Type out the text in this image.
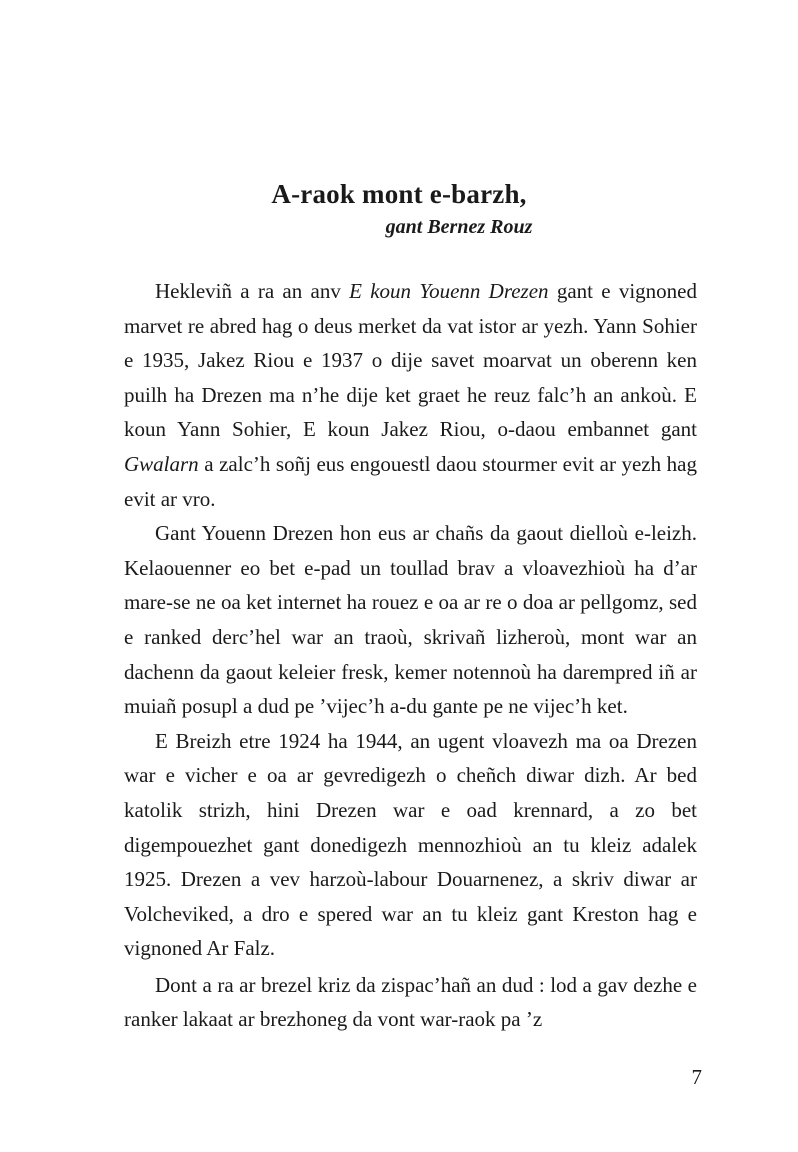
A-raok mont e-barzh,
gant Bernez Rouz

Hekleviñ a ra an anv E koun Youenn Drezen gant e vignoned marvet re abred hag o deus merket da vat istor ar yezh. Yann Sohier e 1935, Jakez Riou e 1937 o dije savet moarvat un oberenn ken puilh ha Drezen ma n’he dije ket graet he reuz falc’h an ankoù. E koun Yann Sohier, E koun Jakez Riou, o-daou embannet gant Gwalarn a zalc’h soñj eus engouestl daou stourmer evit ar yezh hag evit ar vro.

Gant Youenn Drezen hon eus ar chañs da gaout dielloù e-leizh. Kelaouenner eo bet e-pad un toullad brav a vloavezhioù ha d’ar mare-se ne oa ket internet ha rouez e oa ar re o doa ar pellgomz, sed e ranked derc’hel war an traoù, skrivañ lizheroù, mont war an dachenn da gaout keleier fresk, kemer notennoù ha darempred iñ ar muiañ posupl a dud pe ’vijec’h a-du gante pe ne vijec’h ket.

E Breizh etre 1924 ha 1944, an ugent vloavezh ma oa Drezen war e vicher e oa ar gevredigezh o cheñch diwar dizh. Ar bed katolik strizh, hini Drezen war e oad krennard, a zo bet digempouezhet gant donedigezh mennozhioù an tu kleiz adalek 1925. Drezen a vev harzoù-labour Douarnenez, a skriv diwar ar Volcheviked, a dro e spered war an tu kleiz gant Kreston hag e vignoned Ar Falz.

Dont a ra ar brezel kriz da zispac’hañ an dud : lod a gav dezhe e ranker lakaat ar brezhoneg da vont war-raok pa ’z

7
